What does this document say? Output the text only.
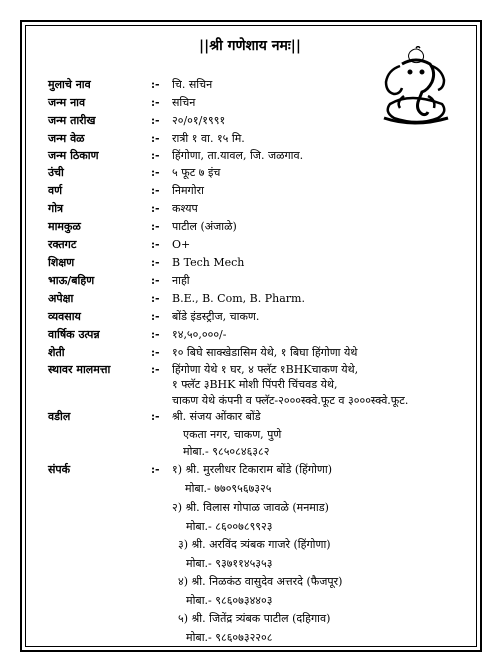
||श्री गणेशाय नमः||
मुलाचे नाव	:- चि. सचिन
जन्म नाव	:- सचिन
जन्म तारीख	:- २०/०१/१९९१
जन्म वेळ	:- रात्री १ वा. १५ मि.
जन्म ठिकाण	:- हिंगोणा, ता.यावल, जि. जळगाव.
उंची	:- ५ फूट ७ इंच
वर्ण	:- निमगोरा
गोत्र	:- कश्यप
मामकुळ	:- पाटील (अंजाळे)
रक्तगट	:- O+
शिक्षण	:- B Tech Mech
भाऊ/बहिण	:- नाही
अपेक्षा	:- B.E., B. Com, B. Pharm.
व्यवसाय	:- बोंडे इंडस्ट्रीज, चाकण.
वार्षिक उत्पन्न	:- १४,५०,०००/-
शेती	:- १० बिघे साक्खेडासिम येथे, १ बिघा हिंगोणा येथे
स्थावर मालमत्ता	:- हिंगोणा येथे १ घर, ४ फ्लॅट १BHKचाकण येथे,
१ फ्लॅट ३BHK मोशी पिंपरी चिंचवड येथे,
चाकण येथे कंपनी व फ्लॅट-२०००स्क्वे.फूट व ३०००स्क्वे.फूट.
वडील	:- श्री. संजय ओंकार बोंडे
एकता नगर, चाकण, पुणे
मोबा.- ९८५०८४६३८२
संपर्क	:- १) श्री. मुरलीधर टिकाराम बोंडे (हिंगोणा)
मोबा.- ७७०९५६७३२५
२) श्री. विलास गोपाळ जावळे (मनमाड)
मोबा.- ८६००७८९९२३
३) श्री. अरविंद त्र्यंबक गाजरे (हिंगोणा)
मोबा.- ९३७११४५३५३
४) श्री. निळकंठ वासुदेव अत्तरदे (फैजपूर)
मोबा.- ९८६०७३४४०३
५) श्री. जितेंद्र त्र्यंबक पाटील (दहिगाव)
मोबा.- ९८६०७३२२०८
